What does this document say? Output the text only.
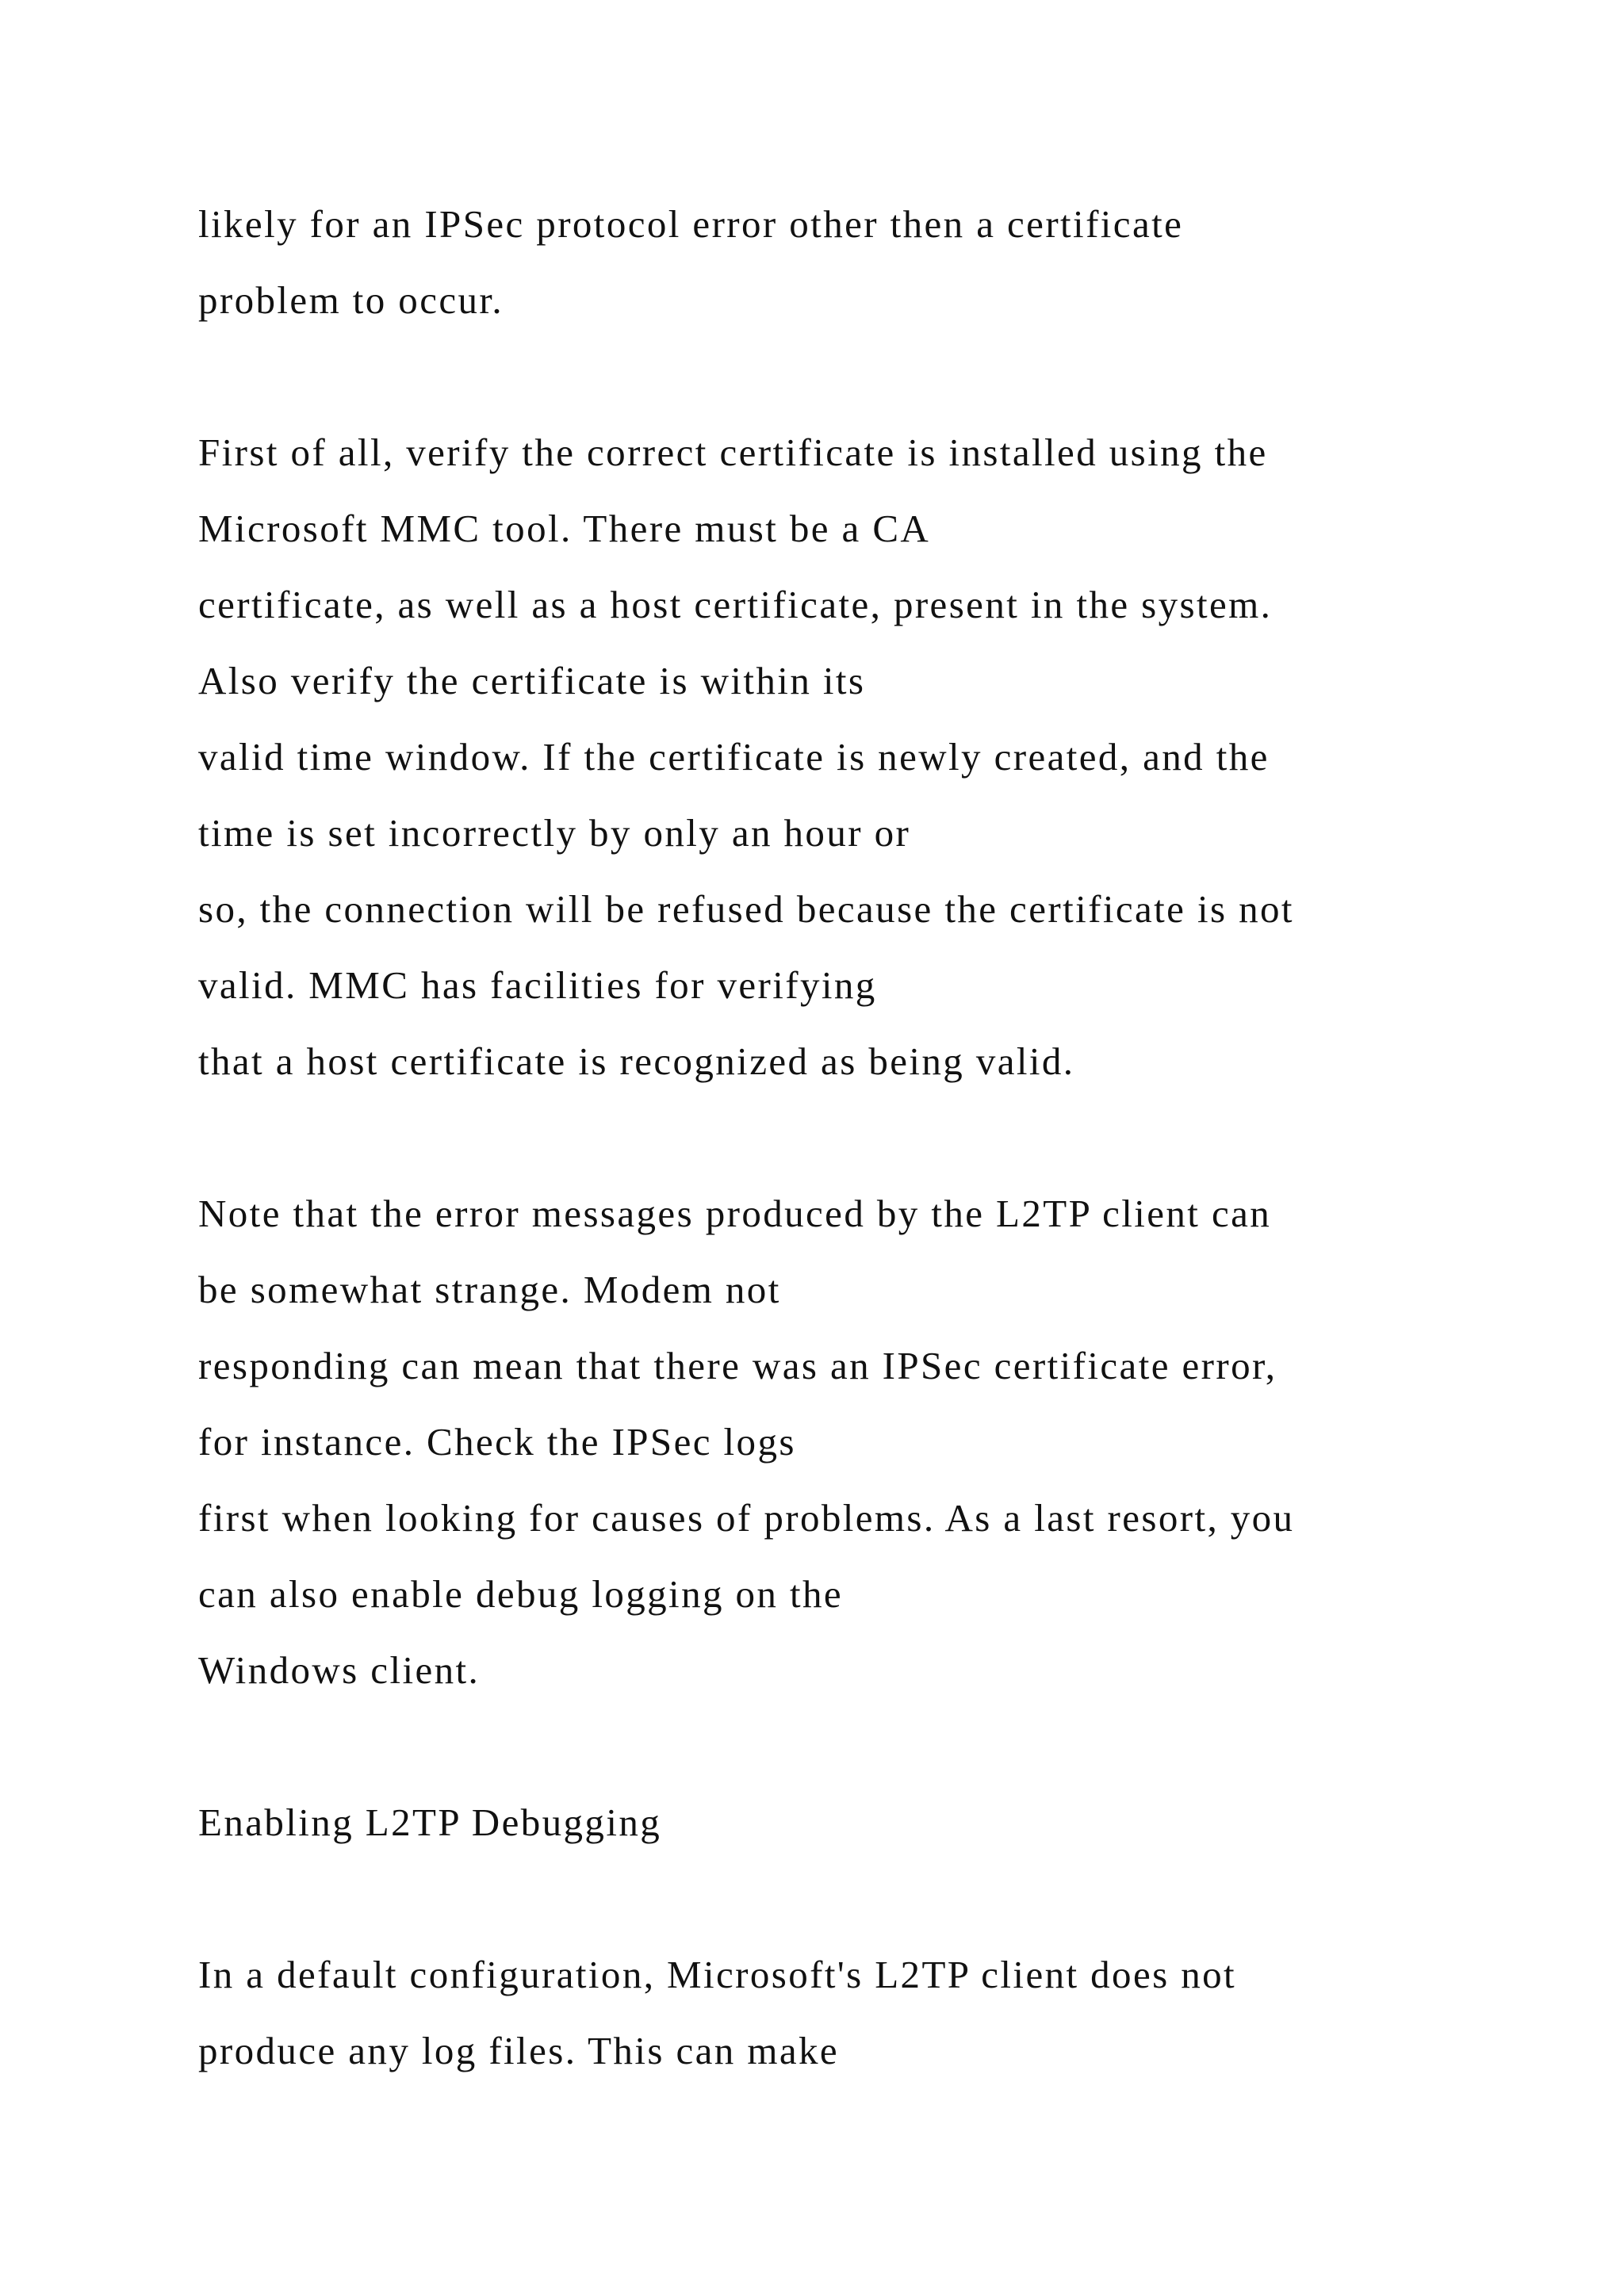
likely for an IPSec protocol error other then a certificate
problem to occur.
First of all, verify the correct certificate is installed using the
Microsoft MMC tool. There must be a CA
certificate, as well as a host certificate, present in the system.
Also verify the certificate is within its
valid time window. If the certificate is newly created, and the
time is set incorrectly by only an hour or
so, the connection will be refused because the certificate is not
valid. MMC has facilities for verifying
that a host certificate is recognized as being valid.
Note that the error messages produced by the L2TP client can
be somewhat strange. Modem not
responding can mean that there was an IPSec certificate error,
for instance. Check the IPSec logs
first when looking for causes of problems. As a last resort, you
can also enable debug logging on the
Windows client.
Enabling L2TP Debugging
In a default configuration, Microsoft's L2TP client does not
produce any log files. This can make
